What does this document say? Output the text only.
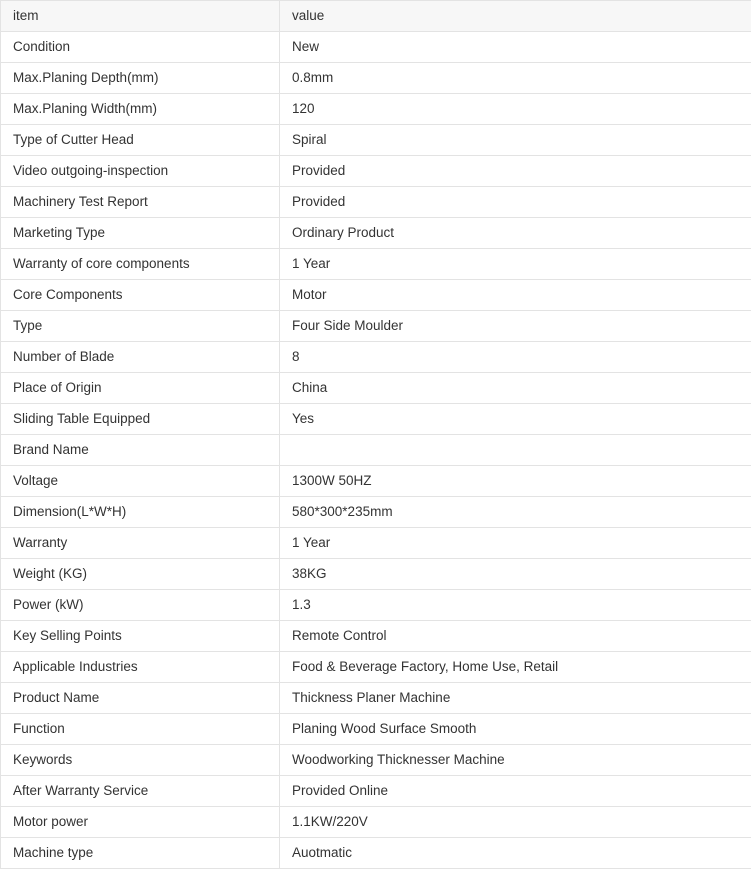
item	value
Condition	New
Max.Planing Depth(mm)	0.8mm
Max.Planing Width(mm)	120
Type of Cutter Head	Spiral
Video outgoing-inspection	Provided
Machinery Test Report	Provided
Marketing Type	Ordinary Product
Warranty of core components	1 Year
Core Components	Motor
Type	Four Side Moulder
Number of Blade	8
Place of Origin	China
Sliding Table Equipped	Yes
Brand Name	
Voltage	1300W 50HZ
Dimension(L*W*H)	580*300*235mm
Warranty	1 Year
Weight (KG)	38KG
Power (kW)	1.3
Key Selling Points	Remote Control
Applicable Industries	Food & Beverage Factory, Home Use, Retail
Product Name	Thickness Planer Machine
Function	Planing Wood Surface Smooth
Keywords	Woodworking Thicknesser Machine
After Warranty Service	Provided Online
Motor power	1.1KW/220V
Machine type	Auotmatic
